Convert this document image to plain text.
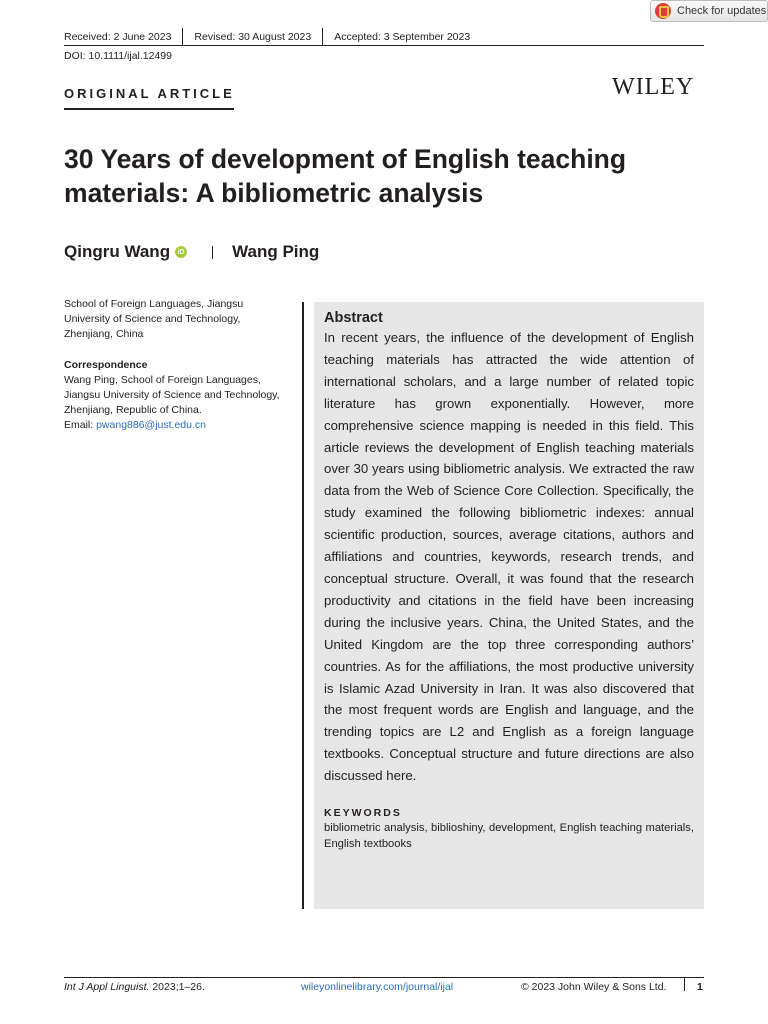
Received: 2 June 2023 Revised: 30 August 2023 Accepted: 3 September 2023
DOI: 10.1111/ijal.12499
Check for updates
ORIGINAL ARTICLE	WILEY
30 Years of development of English teaching materials: A bibliometric analysis
Qingru Wang	iD	Wang Ping

School of Foreign Languages, Jiangsu

University of Science and Technology,

Zhenjiang, China

Correspondence

Wang Ping, School of Foreign Languages,

Jiangsu University of Science and Technology,

Zhenjiang, Republic of China.

Email: pwang886@just.edu.cn

Abstract

In recent years, the influence of the development of English teaching materials has attracted the wide attention of international scholars, and a large number of related topic literature has grown exponentially. However, more comprehensive science mapping is needed in this field. This article reviews the development of English teaching materials over 30 years using bibliometric analysis. We extracted the raw data from the Web of Science Core Collection. Specifically, the study examined the following bibliometric indexes: annual scientific production, sources, average citations, authors and affiliations and countries, keywords, research trends, and conceptual structure. Overall, it was found that the research productivity and citations in the field have been increasing during the inclusive years. China, the United States, and the United Kingdom are the top three corresponding authors’ countries. As for the affiliations, the most productive university is Islamic Azad University in Iran. It was also discovered that the most frequent words are English and language, and the trending topics are L2 and English as a foreign language textbooks. Conceptual structure and future directions are also discussed here.

KEYWORDS
bibliometric analysis, biblioshiny, development, English teaching materials, English textbooks
Int J Appl Linguist. 2023;1–26.	wileyonlinelibrary.com/journal/ijal	© 2023 John Wiley & Sons Ltd.	1
